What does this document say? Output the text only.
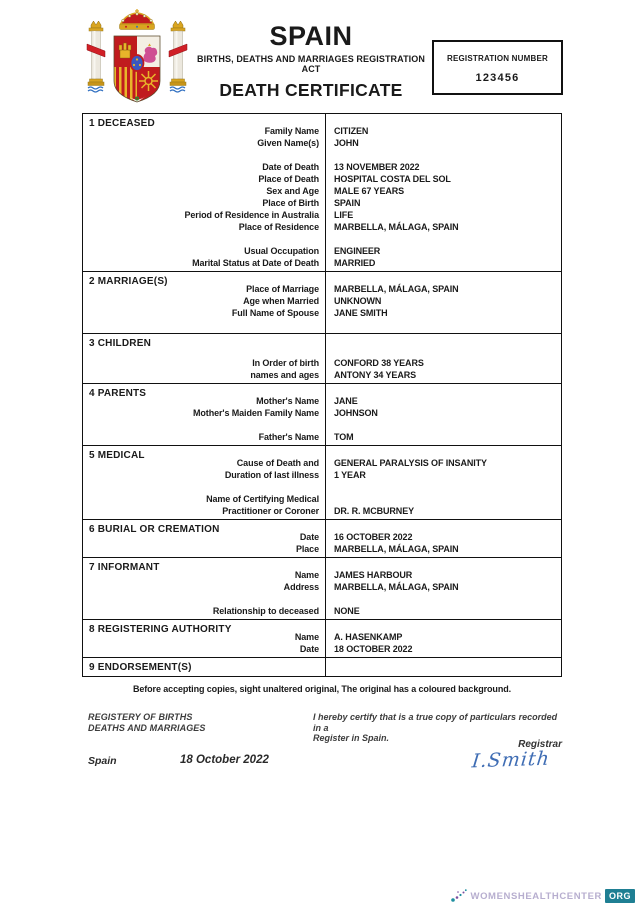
SPAIN
BIRTHS, DEATHS AND MARRIAGES REGISTRATION ACT
DEATH CERTIFICATE
REGISTRATION NUMBER
123456
1 DECEASED
Family Name
Given Name(s)
Date of Death
Place of Death
Sex and Age
Place of Birth
Period of Residence in Australia
Place of Residence
Usual Occupation
Marital Status at Date of Death
CITIZEN
JOHN
13 NOVEMBER 2022
HOSPITAL COSTA DEL SOL
MALE 67 YEARS
SPAIN
LIFE
MARBELLA, MÁLAGA, SPAIN
ENGINEER
MARRIED
2 MARRIAGE(S)
Place of Marriage
Age when Married
Full Name of Spouse
MARBELLA, MÁLAGA, SPAIN
UNKNOWN
JANE SMITH
3 CHILDREN
In Order of birth
names and ages
CONFORD 38 YEARS
ANTONY 34 YEARS
4 PARENTS
Mother's Name
Mother's Maiden Family Name
Father's Name
JANE
JOHNSON
TOM
5 MEDICAL
Cause of Death and
Duration of last illness
Name of Certifying Medical
Practitioner or Coroner
GENERAL PARALYSIS OF INSANITY
1 YEAR
DR. R. MCBURNEY
6 BURIAL OR CREMATION
Date
Place
16 OCTOBER 2022
MARBELLA, MÁLAGA, SPAIN
7 INFORMANT
Name
Address
Relationship to deceased
JAMES HARBOUR
MARBELLA, MÁLAGA, SPAIN
NONE
8 REGISTERING AUTHORITY
Name
Date
A. HASENKAMP
18 OCTOBER 2022
9 ENDORSEMENT(S)
Before accepting copies, sight unaltered original, The original has a coloured background.
REGISTERY OF BIRTHS
DEATHS AND MARRIAGES
I hereby certify that is a true copy of particulars recorded in a
Register in Spain.
Registrar
I.Smith
Spain	18 October 2022
WOMENSHEALTHCENTER ORG
